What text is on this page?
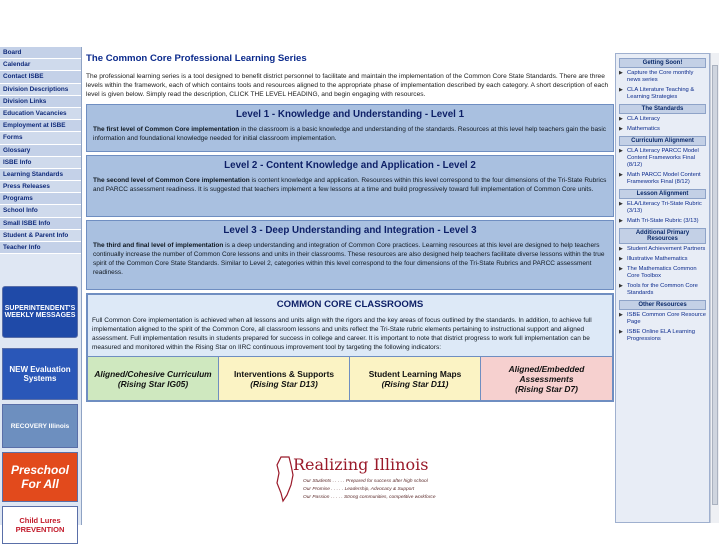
Board
Calendar
Contact ISBE
Division Descriptions
Division Links
Education Vacancies
Employment at ISBE
Forms
Glossary
ISBE Info
Learning Standards
Press Releases
Programs
School Info
Small ISBE Info
Student & Parent Info
Teacher Info
SUPERINTENDENT'S WEEKLY MESSAGES
NEW Evaluation Systems
RECOVERY Illinois
Preschool For All
Child Lures PREVENTION
The Common Core Professional Learning Series

The professional learning series is a tool designed to benefit district personnel to facilitate and maintain the implementation of the Common Core State Standards. There are three levels within the framework, each of which contains tools and resources aligned to the appropriate phase of implementation described by each category. A short description of each level is given below. Simply read the description, CLICK THE LEVEL HEADING, and begin engaging with resources.

Level 1 - Knowledge and Understanding - Level 1

The first level of Common Core implementation in the classroom is a basic knowledge and understanding of the standards. Resources at this level help teachers gain the basic information and foundational knowledge needed for initial classroom implementation.

Level 2 - Content Knowledge and Application - Level 2

The second level of Common Core implementation is content knowledge and application. Resources within this level correspond to the four dimensions of the Tri-State Rubrics and PARCC assessment readiness. It is suggested that teachers implement a few lessons at a time and build progressively toward full implementation of Common Core units.

Level 3 - Deep Understanding and Integration - Level 3

The third and final level of implementation is a deep understanding and integration of Common Core practices. Learning resources at this level are designed to help teachers continually increase the number of Common Core lessons and units in their classrooms. These resources are also designed help teachers facilitate diverse lessons within the true spirit of the Common Core State Standards. Similar to Level 2, categories within this level correspond to the four dimensions of the Tri-State Rubrics and PARCC assessment readiness.

COMMON CORE CLASSROOMS

Full Common Core implementation is achieved when all lessons and units align with the rigors and the key areas of focus outlined by the standards. In addition, to achieve full implementation aligned to the spirit of the Common Core, all classroom lessons and units reflect the Tri-State rubric elements pertaining to instructional support and aligned assessment. Full implementation results in students prepared for success in college and career. It is important to note that district progress to work full implementation can be measured and monitored within the Rising Star on IIRC continuous improvement tool by targeting the following indicators:

Aligned/Cohesive Curriculum
(Rising Star IG05)
Interventions & Supports
(Rising Star D13)
Student Learning Maps
(Rising Star D11)
Aligned/Embedded Assessments
(Rising Star D7)
Realizing Illinois
Our Students . . . . . Prepared for success after high school
Our Promise . . . . . Leadership, Advocacy & Support
Our Passion . . . . . Strong communities, competitive workforce
Getting Soon!
▶ Capture the Core monthly news series
▶ CLA Literature Teaching & Learning Strategies
The Standards
▶ CLA Literacy
▶ Mathematics
Curriculum Alignment
▶ CLA Literacy PARCC Model Content Frameworks Final (8/12)
▶ Math PARCC Model Content Frameworks Final (8/12)
Lesson Alignment
▶ ELA/Literacy Tri-State Rubric (3/13)
▶ Math Tri-State Rubric (3/13)
Additional Primary Resources
▶ Student Achievement Partners
▶ Illustrative Mathematics
▶ The Mathematics Common Core Toolbox
▶ Tools for the Common Core Standards
Other Resources
▶ ISBE Common Core Resource Page
▶ ISBE Online ELA Learning Progressions
